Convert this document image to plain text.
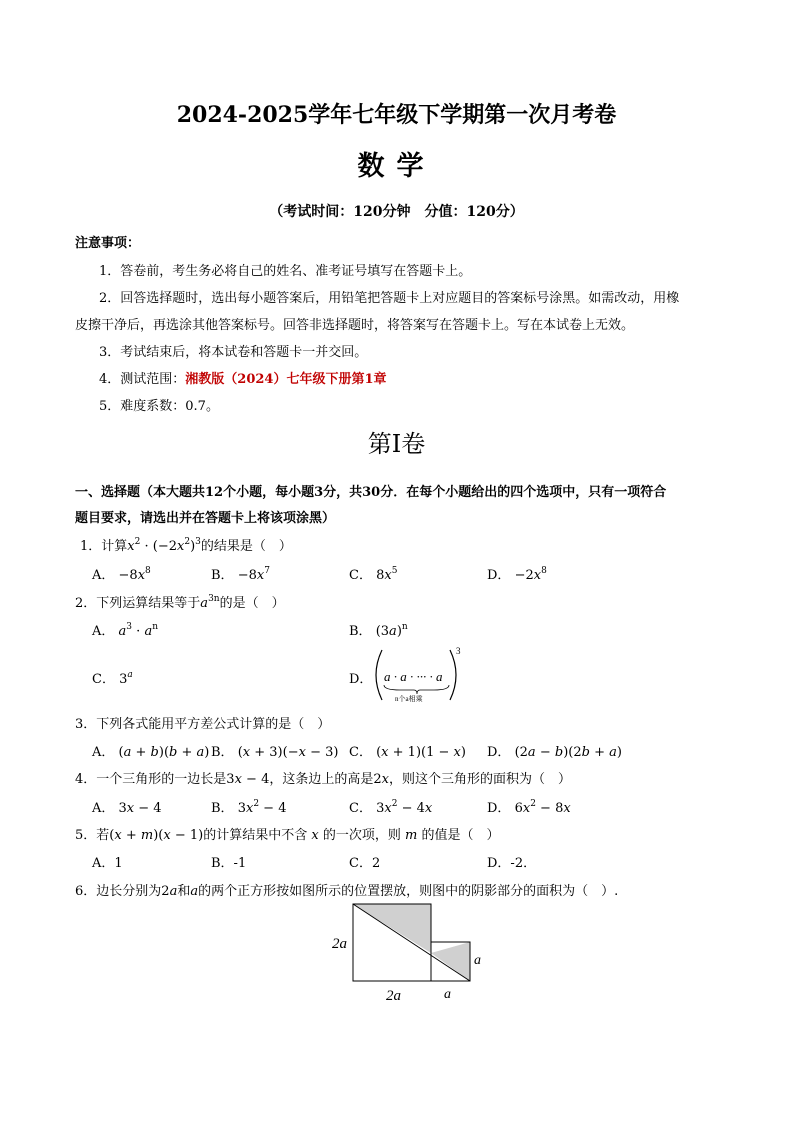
2024-2025学年七年级下学期第一次月考卷
数学
（考试时间：120分钟　分值：120分）
注意事项：
1．答卷前，考生务必将自己的姓名、准考证号填写在答题卡上。
2．回答选择题时，选出每小题答案后，用铅笔把答题卡上对应题目的答案标号涂黑。如需改动，用橡
皮擦干净后，再选涂其他答案标号。回答非选择题时，将答案写在答题卡上。写在本试卷上无效。
3．考试结束后，将本试卷和答题卡一并交回。
4．测试范围：湘教版（2024）七年级下册第1章
5．难度系数：0.7。
第I卷
一、选择题（本大题共12个小题，每小题3分，共30分．在每个小题给出的四个选项中，只有一项符合
题目要求，请选出并在答题卡上将该项涂黑）
1．计算$x^2 \cdot (-2x^2)^3$的结果是（　）
A． $-8x^8$	B． $-8x^7$	C． $8x^5$	D． $-2x^8$
2．下列运算结果等于$a^{3n}$的是（　）
A． $a^3 \cdot a^n$	B． $(3a)^n$
C． 3$^a$	D． a · a · ··· · a
n个a相乘
3
3．下列各式能用平方差公式计算的是（　）
A． (a + b)(b + a) B． (x + 3)(−x − 3) C． (x + 1)(1 − x) D． (2a − b)(2b + a)
4．一个三角形的一边长是3x − 4，这条边上的高是2x，则这个三角形的面积为（　）
A． 3x − 4	B． $3x^2 - 4$	C． $3x^2 - 4x$	D． $6x^2 - 8x$
5．若(x + m)(x − 1)的计算结果中不含 x 的一次项，则 m 的值是（　）
A．1	B．-1	C．2	D．-2．
6．边长分别为2a和a的两个正方形按如图所示的位置摆放，则图中的阴影部分的面积为（　）.
2a
2a	a
a
